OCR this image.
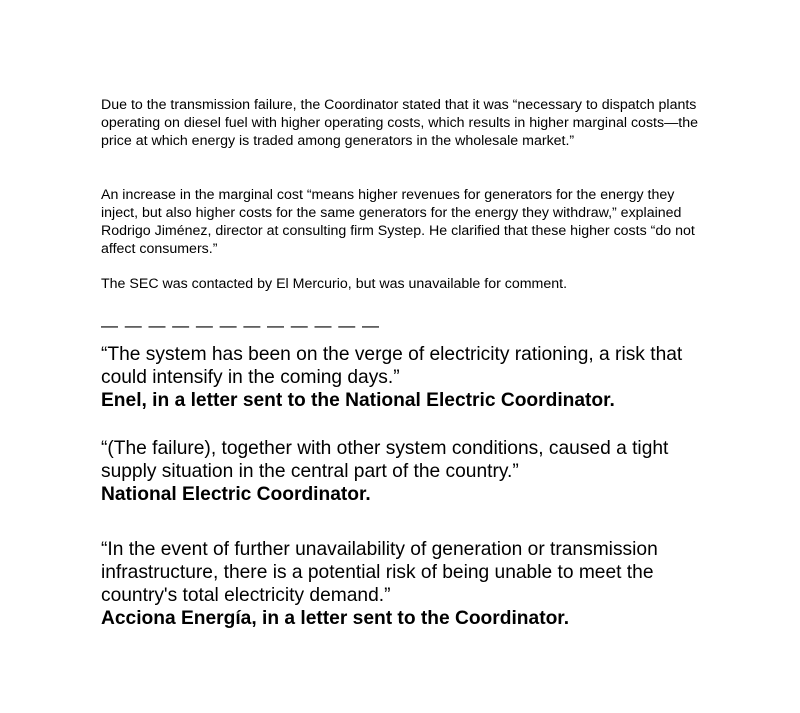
Due to the transmission failure, the Coordinator stated that it was “necessary to dispatch plants operating on diesel fuel with higher operating costs, which results in higher marginal costs—the price at which energy is traded among generators in the wholesale market.”

An increase in the marginal cost “means higher revenues for generators for the energy they inject, but also higher costs for the same generators for the energy they withdraw,” explained Rodrigo Jiménez, director at consulting firm Systep. He clarified that these higher costs “do not affect consumers.”

The SEC was contacted by El Mercurio, but was unavailable for comment.

— — — — — — — — — — — —

“The system has been on the verge of electricity rationing, a risk that could intensify in the coming days.”

Enel, in a letter sent to the National Electric Coordinator.

“(The failure), together with other system conditions, caused a tight supply situation in the central part of the country.”

National Electric Coordinator.

“In the event of further unavailability of generation or transmission infrastructure, there is a potential risk of being unable to meet the country's total electricity demand.”

Acciona Energía, in a letter sent to the Coordinator.
